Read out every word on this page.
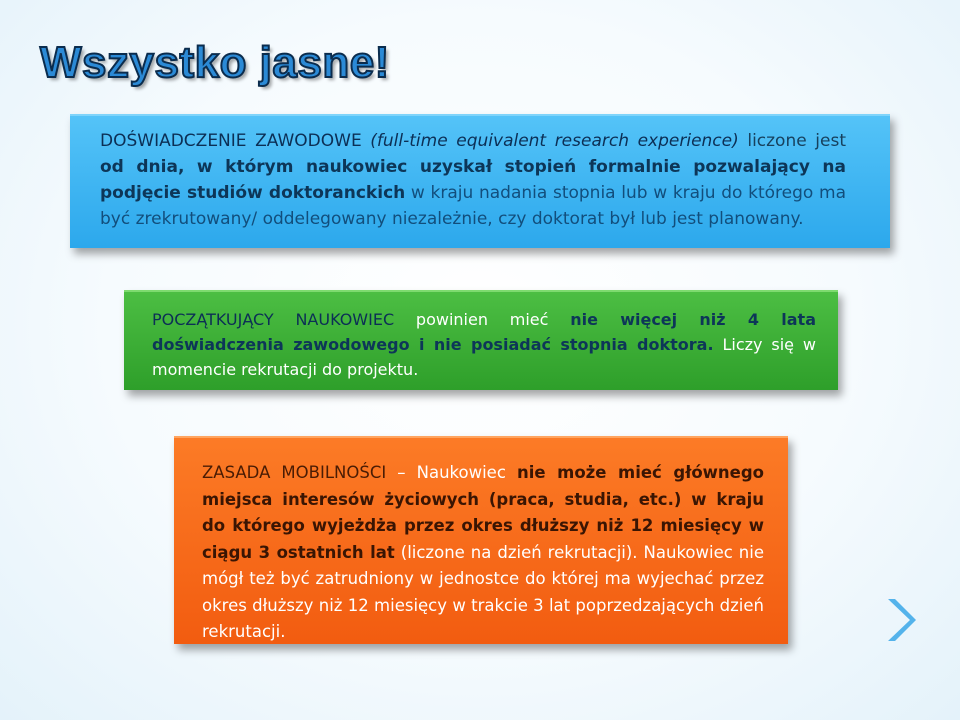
Wszystko jasne!
DOŚWIADCZENIE ZAWODOWE (full-time equivalent research experience) liczone jest od dnia, w którym naukowiec uzyskał stopień formalnie pozwalający na podjęcie studiów doktoranckich w kraju nadania stopnia lub w kraju do którego ma być zrekrutowany/ oddelegowany niezależnie, czy doktorat był lub jest planowany.
POCZĄTKUJĄCY NAUKOWIEC powinien mieć nie więcej niż 4 lata doświadczenia zawodowego i nie posiadać stopnia doktora. Liczy się w momencie rekrutacji do projektu.
ZASADA MOBILNOŚCI – Naukowiec nie może mieć głównego miejsca interesów życiowych (praca, studia, etc.) w kraju do którego wyjeżdża przez okres dłuższy niż 12 miesięcy w ciągu 3 ostatnich lat (liczone na dzień rekrutacji). Naukowiec nie mógł też być zatrudniony w jednostce do której ma wyjechać przez okres dłuższy niż 12 miesięcy w trakcie 3 lat poprzedzających dzień rekrutacji.
